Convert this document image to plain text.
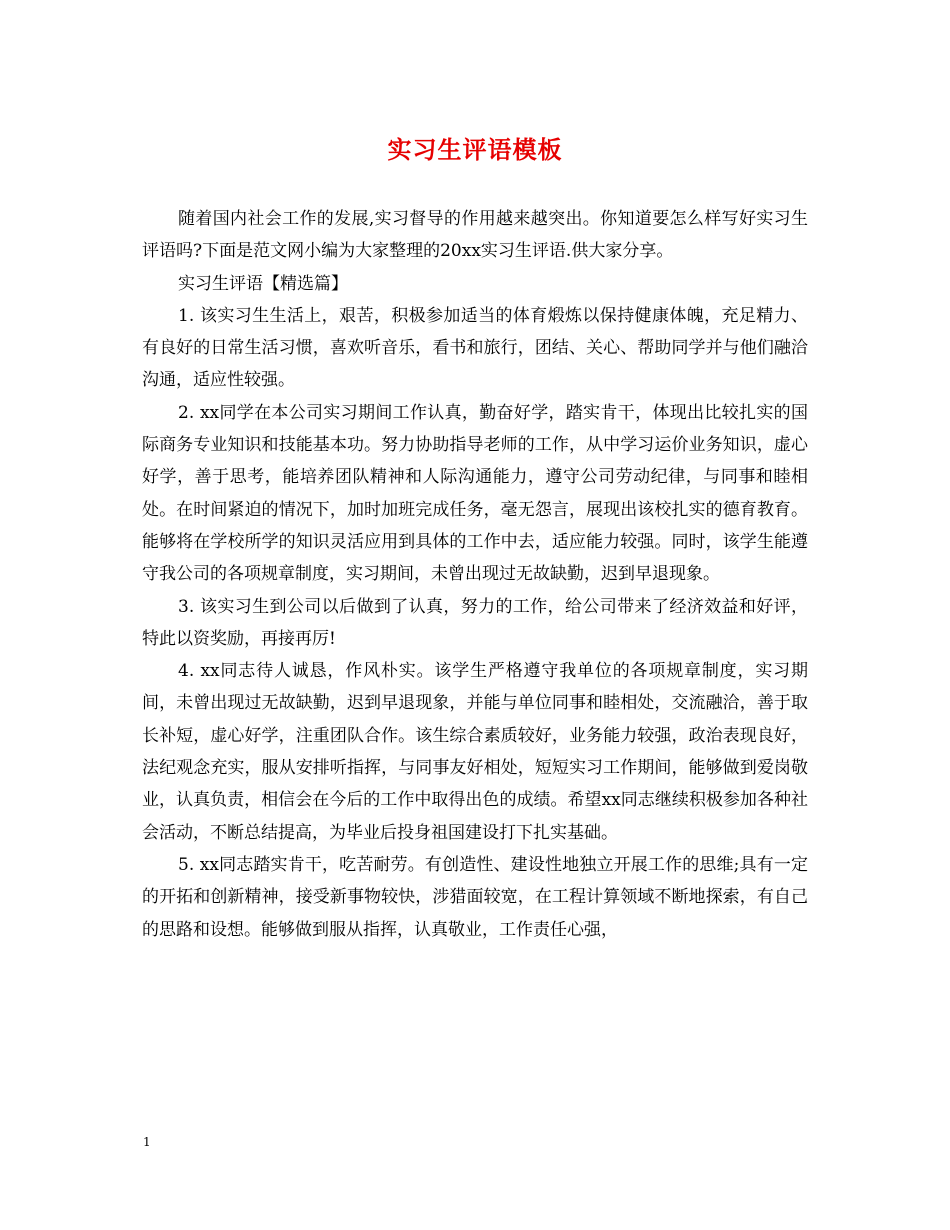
实习生评语模板

随着国内社会工作的发展,实习督导的作用越来越突出。你知道要怎么样写好实习生评语吗?下面是范文网小编为大家整理的20xx实习生评语.供大家分享。

实习生评语【精选篇】

1. 该实习生生活上，艰苦，积极参加适当的体育煅炼以保持健康体魄，充足精力、有良好的日常生活习惯，喜欢听音乐，看书和旅行，团结、关心、帮助同学并与他们融洽沟通，适应性较强。

2. xx同学在本公司实习期间工作认真，勤奋好学，踏实肯干，体现出比较扎实的国际商务专业知识和技能基本功。努力协助指导老师的工作，从中学习运价业务知识，虚心好学，善于思考，能培养团队精神和人际沟通能力，遵守公司劳动纪律，与同事和睦相处。在时间紧迫的情况下，加时加班完成任务，毫无怨言，展现出该校扎实的德育教育。能够将在学校所学的知识灵活应用到具体的工作中去，适应能力较强。同时，该学生能遵守我公司的各项规章制度，实习期间，未曾出现过无故缺勤，迟到早退现象。

3. 该实习生到公司以后做到了认真，努力的工作，给公司带来了经济效益和好评，特此以资奖励，再接再厉!

4. xx同志待人诚恳，作风朴实。该学生严格遵守我单位的各项规章制度，实习期间，未曾出现过无故缺勤，迟到早退现象，并能与单位同事和睦相处，交流融洽，善于取长补短，虚心好学，注重团队合作。该生综合素质较好，业务能力较强，政治表现良好，法纪观念充实，服从安排听指挥，与同事友好相处，短短实习工作期间，能够做到爱岗敬业，认真负责，相信会在今后的工作中取得出色的成绩。希望xx同志继续积极参加各种社会活动，不断总结提高，为毕业后投身祖国建设打下扎实基础。

5. xx同志踏实肯干，吃苦耐劳。有创造性、建设性地独立开展工作的思维;具有一定的开拓和创新精神，接受新事物较快，涉猎面较宽，在工程计算领域不断地探索，有自己的思路和设想。能够做到服从指挥，认真敬业，工作责任心强，

1
